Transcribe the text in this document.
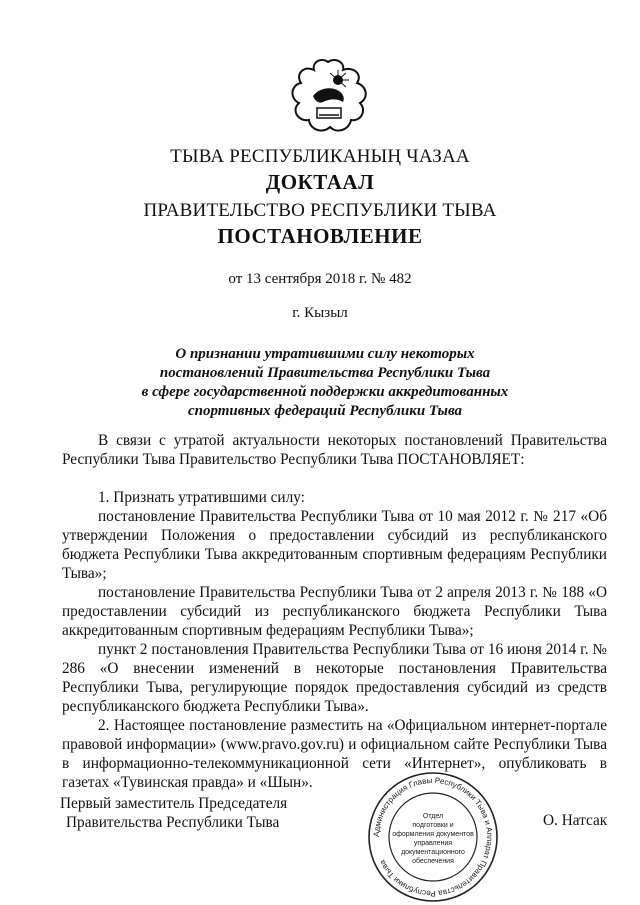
ТЫВА РЕСПУБЛИКАНЫҢ ЧАЗАА
ДОКТААЛ
ПРАВИТЕЛЬСТВО РЕСПУБЛИКИ ТЫВА
ПОСТАНОВЛЕНИЕ
от 13 сентября 2018 г. № 482
г. Кызыл
О признании утратившими силу некоторых
постановлений Правительства Республики Тыва
в сфере государственной поддержки аккредитованных
спортивных федераций Республики Тыва

В связи с утратой актуальности некоторых постановлений Правительства Республики Тыва Правительство Республики Тыва ПОСТАНОВЛЯЕТ:

1. Признать утратившими силу:

постановление Правительства Республики Тыва от 10 мая 2012 г. № 217 «Об утверждении Положения о предоставлении субсидий из республиканского бюджета Республики Тыва аккредитованным спортивным федерациям Республики Тыва»;

постановление Правительства Республики Тыва от 2 апреля 2013 г. № 188 «О предоставлении субсидий из республиканского бюджета Республики Тыва аккредитованным спортивным федерациям Республики Тыва»;

пункт 2 постановления Правительства Республики Тыва от 16 июня 2014 г. № 286 «О внесении изменений в некоторые постановления Правительства Республики Тыва, регулирующие порядок предоставления субсидий из средств республиканского бюджета Республики Тыва».

2. Настоящее постановление разместить на «Официальном интернет-портале правовой информации» (www.pravo.gov.ru) и официальном сайте Республики Тыва в информационно-телекоммуникационной сети «Интернет», опубликовать в газетах «Тувинская правда» и «Шын».

Первый заместитель Председателя
Правительства Республики Тыва
Администрация Главы Республики Тыва и Аппарат Правительства Республики Тыва
Отдел
подготовки и
оформления документов
управления
документационного
обеспечения
О. Натсак
